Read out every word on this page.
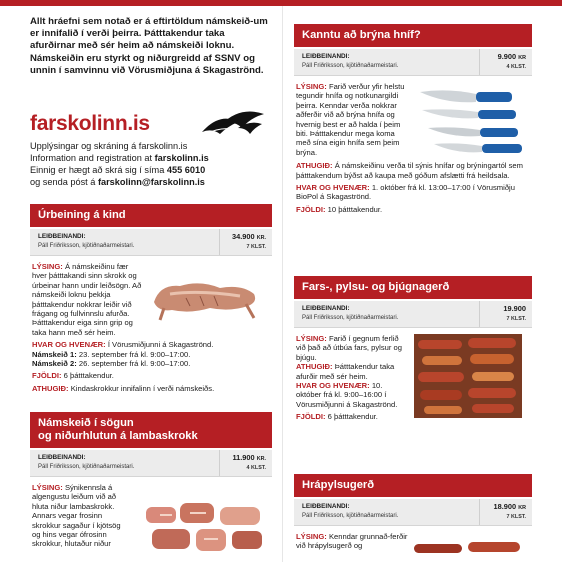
Allt hráefni sem notað er á eftirtöldum námskeið-um er innifalið í verði þeirra. Þátttakendur taka afurðirnar með sér heim að námskeiði loknu. Námskeiðin eru styrkt og niðurgreidd af SSNV og unnin í samvinnu við Vörusmiðjuna á Skagaströnd.
farskolinn.is
Upplýsingar og skráning á farskolinn.is
Information and registration at farskolinn.is
Einnig er hægt að skrá sig í síma 455 6010
og senda póst á farskolinn@farskolinn.is
Úrbeining á kind
LEIÐBEINANDI:
Páll Friðriksson, kjötiðnaðarmeistari.
34.900 KR.
7 KLST.
LÝSING: Á námskeiðinu fær hver þátttakandi sinn skrokk og úrbeinar hann undir leiðsögn. Að námskeiði loknu þekkja þátttakendur nokkrar leiðir við frágang og fullvinnslu afurða. Þátttakendur eiga sinn grip og taka hann með sér heim.
HVAR OG HVENÆR: Í Vörusmiðjunni á Skagaströnd.
Námskeið 1: 23. september frá kl. 9:00–17:00.
Námskeið 2: 26. september frá kl. 9:00–17:00.
FJÖLDI: 6 þátttakendur.
ATHUGIÐ: Kindaskrokkur innifalinn í verði námskeiðs.
Námskeið í sögun
og niðurhlutun á lambaskrokk
LEIÐBEINANDI:
Páll Friðriksson, kjötiðnaðarmeistari.
11.900 KR.
4 KLST.
LÝSING: Sýnikennsla á algengustu leiðum við að hluta niður lambaskrokk. Annars vegar frosinn skrokkur sagaður í kjötsög og hins vegar ófrosinn skrokkur, hlutaður niður
Kanntu að brýna hníf?
LEIÐBEINANDI:
Páll Friðriksson, kjötiðnaðarmeistari.
9.900 KR
4 KLST.
LÝSING: Farið verður yfir helstu tegundir hnífa og notkunargildi þeirra. Kenndar verða nokkrar aðferðir við að brýna hnífa og hvernig best er að halda í þeim biti. Þátttakendur mega koma með sína eigin hnífa sem þeim brýna.
ATHUGIÐ: Á námskeiðinu verða til sýnis hnífar og brýningartól sem þátttakendum býðst að kaupa með góðum afslætti frá heildsala.
HVAR OG HVENÆR: 1. október frá kl. 13:00–17:00 í Vörusmiðju BioPol á Skagaströnd.
FJÖLDI: 10 þátttakendur.
Fars-, pylsu- og bjúgnagerð
LEIÐBEINANDI:
Páll Friðriksson, kjötiðnaðarmeistari.
19.900
7 KLST.
LÝSING: Farið í gegnum ferlið við það að útbúa fars, pylsur og bjúgu.
ATHUGIÐ: Þátttakendur taka afurðir með sér heim.
HVAR OG HVENÆR: 10. október frá kl. 9:00–16:00 í Vörusmiðjunni á Skagaströnd.
FJÖLDI: 6 þátttakendur.
Hrápylsugerð
LEIÐBEINANDI:
Páll Friðriksson, kjötiðnaðarmeistari.
18.900 KR
7 KLST.
LÝSING: Kenndar grunnað-ferðir við hrápylsugerð og
